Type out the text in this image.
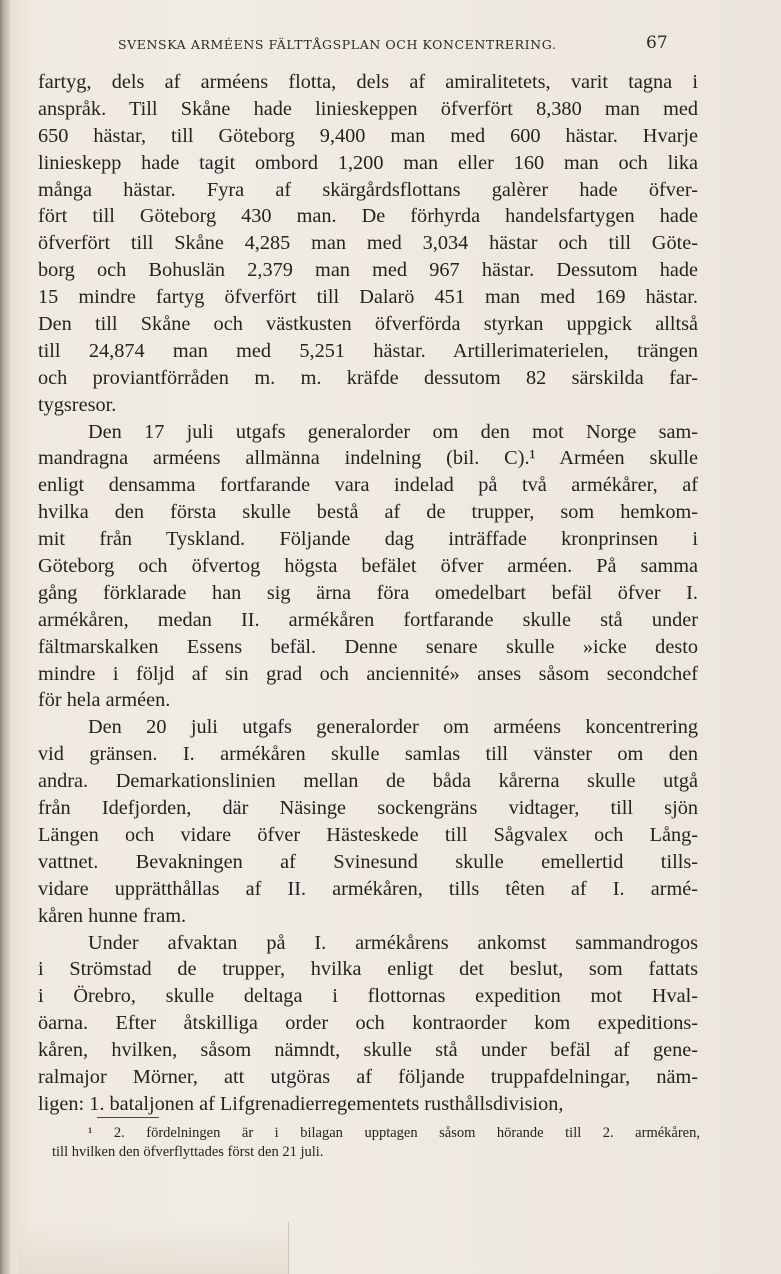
SVENSKA ARMÉENS FÄLTTÅGSPLAN OCH KONCENTRERING.	67
fartyg, dels af arméens flotta, dels af amiralitetets, varit tagna i
anspråk. Till Skåne hade linieskeppen öfverfört 8,380 man med
650 hästar, till Göteborg 9,400 man med 600 hästar. Hvarje
linieskepp hade tagit ombord 1,200 man eller 160 man och lika
många hästar. Fyra af skärgårdsflottans galèrer hade öfver-
fört till Göteborg 430 man. De förhyrda handelsfartygen hade
öfverfört till Skåne 4,285 man med 3,034 hästar och till Göte-
borg och Bohuslän 2,379 man med 967 hästar. Dessutom hade
15 mindre fartyg öfverfört till Dalarö 451 man med 169 hästar.
Den till Skåne och västkusten öfverförda styrkan uppgick alltså
till 24,874 man med 5,251 hästar. Artillerimaterielen, trängen
och proviantförråden m. m. kräfde dessutom 82 särskilda far-
tygsresor.
Den 17 juli utgafs generalorder om den mot Norge sam-
mandragna arméens allmänna indelning (bil. C).¹ Arméen skulle
enligt densamma fortfarande vara indelad på två armékårer, af
hvilka den första skulle bestå af de trupper, som hemkom-
mit från Tyskland. Följande dag inträffade kronprinsen i
Göteborg och öfvertog högsta befälet öfver arméen. På samma
gång förklarade han sig ärna föra omedelbart befäl öfver I.
armékåren, medan II. armékåren fortfarande skulle stå under
fältmarskalken Essens befäl. Denne senare skulle »icke desto
mindre i följd af sin grad och anciennité» anses såsom secondchef
för hela arméen.
Den 20 juli utgafs generalorder om arméens koncentrering
vid gränsen. I. armékåren skulle samlas till vänster om den
andra. Demarkationslinien mellan de båda kårerna skulle utgå
från Idefjorden, där Näsinge sockengräns vidtager, till sjön
Längen och vidare öfver Hästeskede till Sågvalex och Lång-
vattnet. Bevakningen af Svinesund skulle emellertid tills-
vidare upprätthållas af II. armékåren, tills têten af I. armé-
kåren hunne fram.
Under afvaktan på I. armékårens ankomst sammandrogos
i Strömstad de trupper, hvilka enligt det beslut, som fattats
i Örebro, skulle deltaga i flottornas expedition mot Hval-
öarna. Efter åtskilliga order och kontraorder kom expeditions-
kåren, hvilken, såsom nämndt, skulle stå under befäl af gene-
ralmajor Mörner, att utgöras af följande truppafdelningar, näm-
ligen: 1. bataljonen af Lifgrenadierregementets rusthållsdivision,
¹ 2. fördelningen är i bilagan upptagen såsom hörande till 2. armékåren,
till hvilken den öfverflyttades först den 21 juli.
